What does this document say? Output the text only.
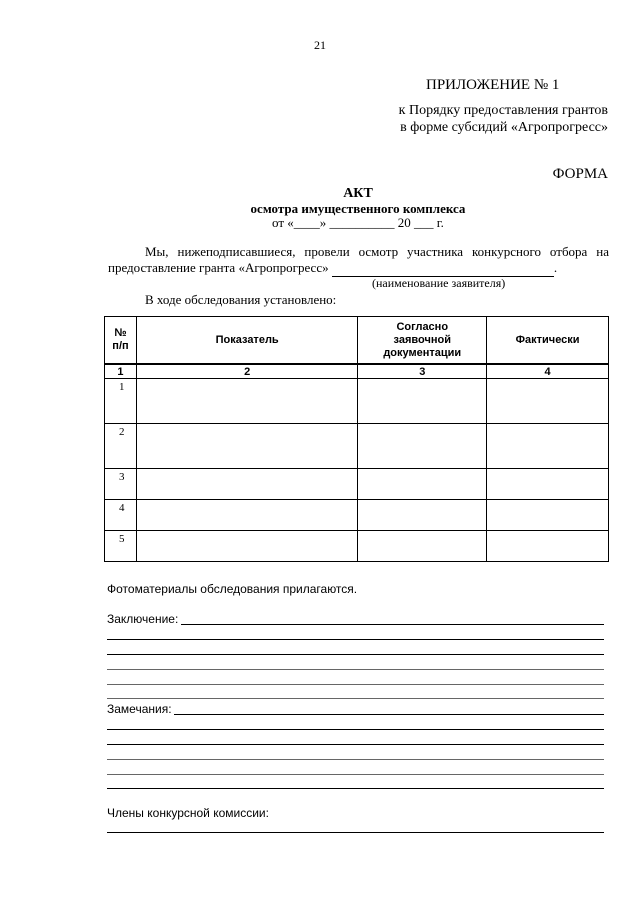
21
ПРИЛОЖЕНИЕ № 1
к Порядку предоставления грантов
в форме субсидий «Агропрогресс»
ФОРМА
АКТ
осмотра имущественного комплекса
от «____» __________ 20 ___ г.
Мы, нижеподписавшиеся, провели осмотр участника конкурсного отбора на
предоставление гранта «Агропрогресс»	.
(наименование заявителя)
В ходе обследования установлено:
№
п/п	Показатель	Согласно заявочной документации	Фактически
1	2	3	4
1			
2			
3			
4			
5			
Фотоматериалы обследования прилагаются.
Заключение:
Замечания:
Члены конкурсной комиссии:
